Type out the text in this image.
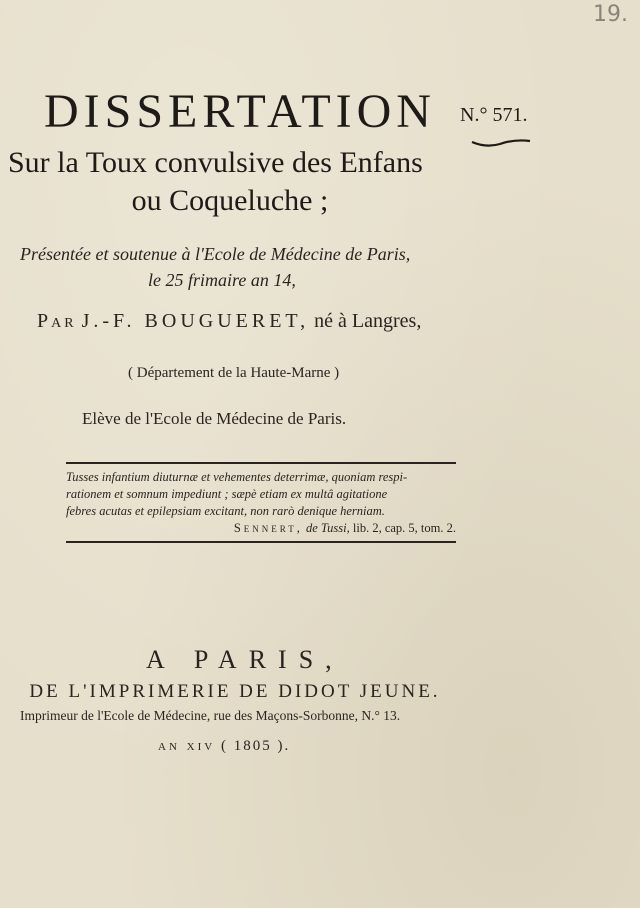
19.
DISSERTATION	N.° 571.
Sur la Toux convulsive des Enfans
ou Coqueluche ;
Présentée et soutenue à l'Ecole de Médecine de Paris,
le 25 frimaire an 14,
Par J.-F. BOUGUERET, né à Langres,
( Département de la Haute-Marne )
Elève de l'Ecole de Médecine de Paris.
Tusses infantium diuturnæ et vehementes deterrimæ, quoniam respi-
rationem et somnum impediunt ; sæpè etiam ex multâ agitatione
febres acutas et epilepsiam excitant, non rarò denique herniam.
Sennert, de Tussi, lib. 2, cap. 5, tom. 2.
A PARIS,
DE L'IMPRIMERIE DE DIDOT JEUNE.
Imprimeur de l'Ecole de Médecine, rue des Maçons-Sorbonne, N.° 13.
an xiv ( 1805 ).
